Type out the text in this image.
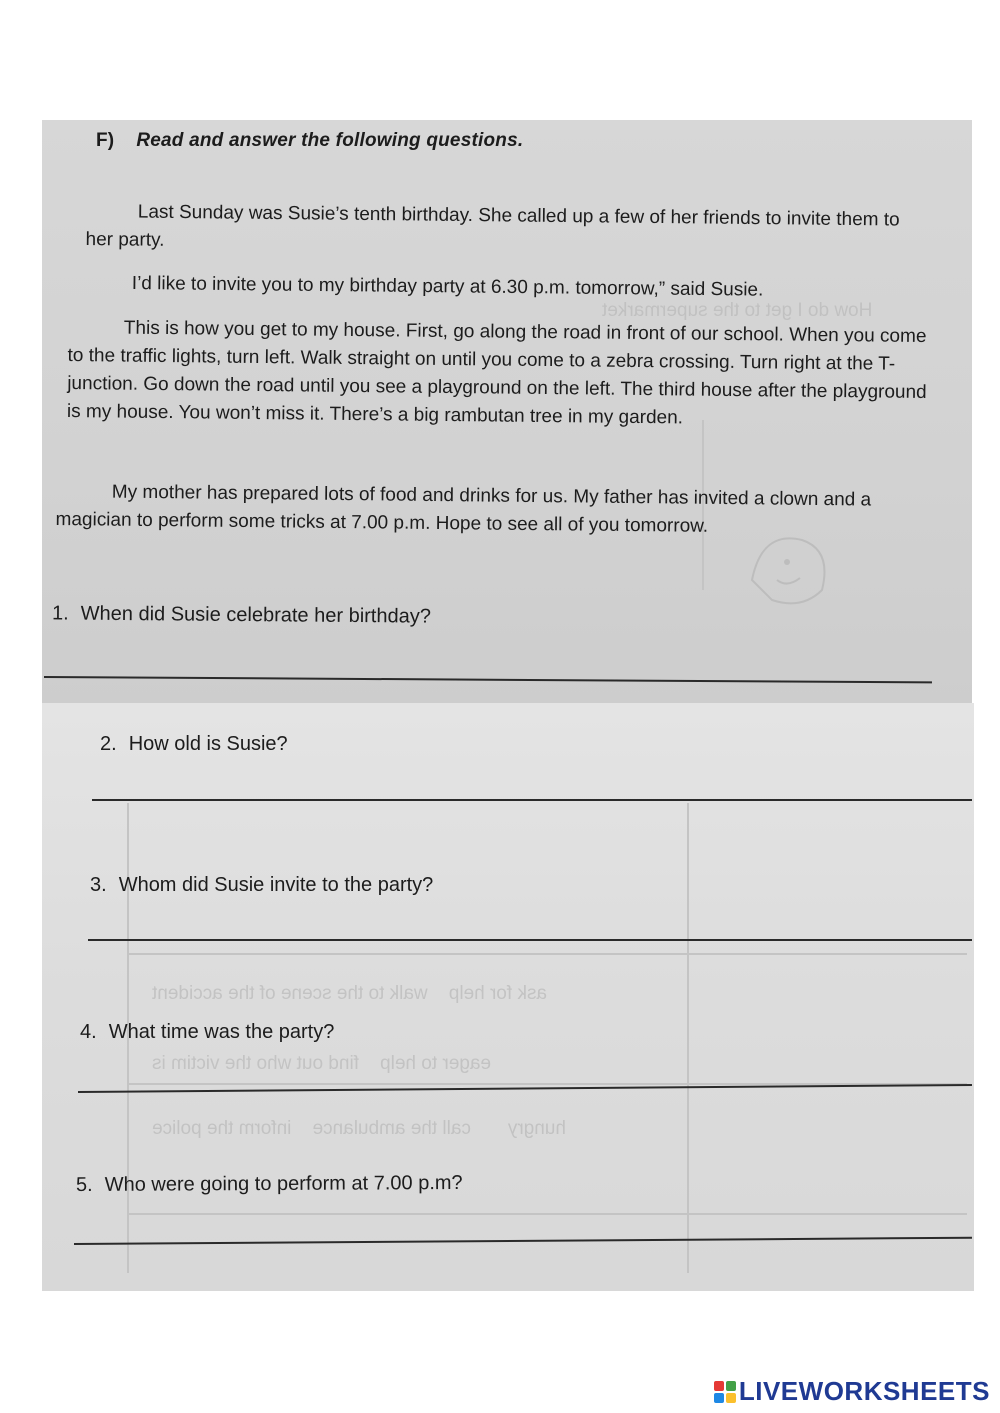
How do I get to the supermarket
F) Read and answer the following questions.
Last Sunday was Susie’s tenth birthday. She called up a few of her friends to invite them to her party.
I’d like to invite you to my birthday party at 6.30 p.m. tomorrow,” said Susie.
This is how you get to my house. First, go along the road in front of our school. When you come to the traffic lights, turn left. Walk straight on until you come to a zebra crossing. Turn right at the T- junction. Go down the road until you see a playground on the left. The third house after the playground is my house. You won’t miss it. There’s a big rambutan tree in my garden.
My mother has prepared lots of food and drinks for us. My father has invited a clown and a magician to perform some tricks at 7.00 p.m. Hope to see all of you tomorrow.
1. When did Susie celebrate her birthday?
ask for help    walk to the scene of the accident
eager to help    find out who the victim is
hungry       call the ambulance    inform the police
2. How old is Susie?
3. Whom did Susie invite to the party?
4. What time was the party?
5. Who were going to perform at 7.00 p.m?
LIVEWORKSHEETS
